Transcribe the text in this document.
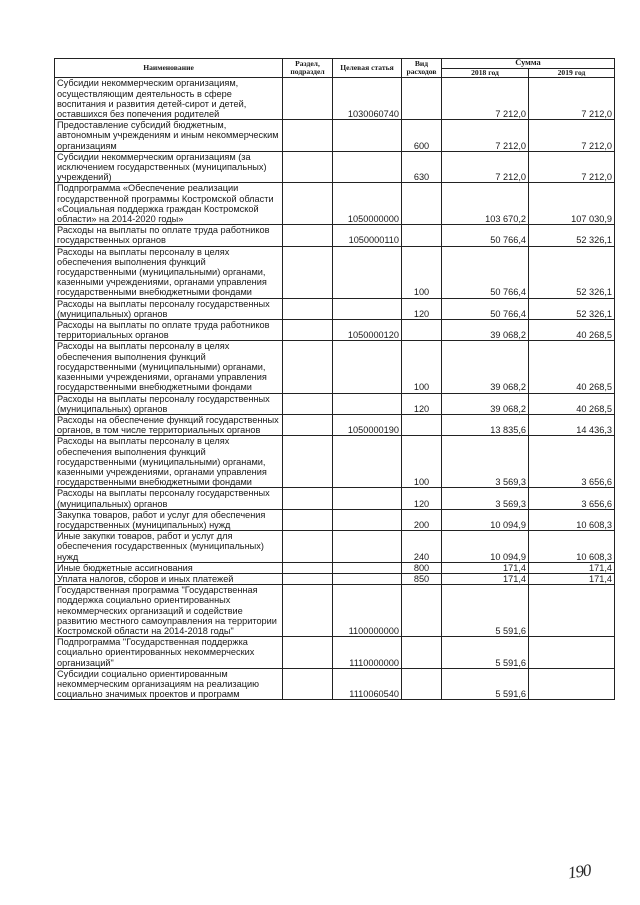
Наименование	Раздел, подраздел	Целевая статья	Вид расходов	Сумма	
				2018 год	2019 год
Субсидии некоммерческим организациям, осуществляющим деятельность в сфере воспитания и развития детей-сирот и детей, оставшихся без попечения родителей		1030060740		7 212,0	7 212,0
Предоставление субсидий бюджетным, автономным учреждениям и иным некоммерческим организациям			600	7 212,0	7 212,0
Субсидии некоммерческим организациям (за исключением государственных (муниципальных) учреждений)			630	7 212,0	7 212,0
Подпрограмма «Обеспечение реализации государственной программы Костромской области «Социальная поддержка граждан Костромской области» на 2014-2020 годы»		1050000000		103 670,2	107 030,9
Расходы на выплаты по оплате труда работников государственных органов		1050000110		50 766,4	52 326,1
Расходы на выплаты персоналу в целях обеспечения выполнения функций государственными (муниципальными) органами, казенными учреждениями, органами управления государственными внебюджетными фондами			100	50 766,4	52 326,1
Расходы на выплаты персоналу государственных (муниципальных) органов			120	50 766,4	52 326,1
Расходы на выплаты по оплате труда работников территориальных органов		1050000120		39 068,2	40 268,5
Расходы на выплаты персоналу в целях обеспечения выполнения функций государственными (муниципальными) органами, казенными учреждениями, органами управления государственными внебюджетными фондами			100	39 068,2	40 268,5
Расходы на выплаты персоналу государственных (муниципальных) органов			120	39 068,2	40 268,5
Расходы на обеспечение функций государственных органов, в том числе территориальных органов		1050000190		13 835,6	14 436,3
Расходы на выплаты персоналу в целях обеспечения выполнения функций государственными (муниципальными) органами, казенными учреждениями, органами управления государственными внебюджетными фондами			100	3 569,3	3 656,6
Расходы на выплаты персоналу государственных (муниципальных) органов			120	3 569,3	3 656,6
Закупка товаров, работ и услуг для обеспечения государственных (муниципальных) нужд			200	10 094,9	10 608,3
Иные закупки товаров, работ и услуг для обеспечения государственных (муниципальных) нужд			240	10 094,9	10 608,3
Иные бюджетные ассигнования			800	171,4	171,4
Уплата налогов, сборов и иных платежей			850	171,4	171,4
Государственная программа "Государственная поддержка социально ориентированных некоммерческих организаций и содействие развитию местного самоуправления на территории Костромской области на 2014-2018 годы"		1100000000		5 591,6	
Подпрограмма "Государственная поддержка социально ориентированных некоммерческих организаций"		1110000000		5 591,6	
Субсидии социально ориентированным некоммерческим организациям на реализацию социально значимых проектов и программ		1110060540		5 591,6	
190
